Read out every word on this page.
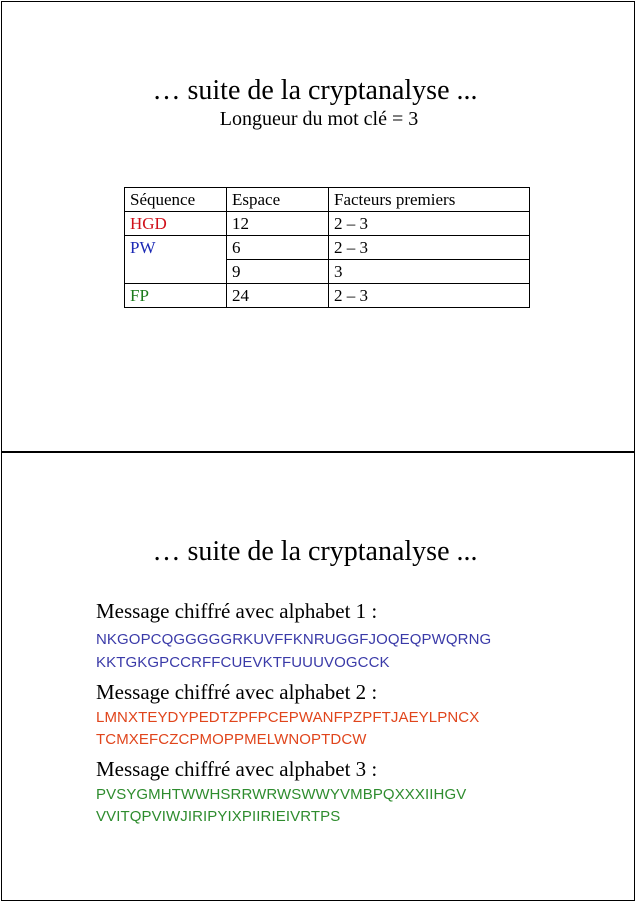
… suite de la cryptanalyse ...
Longueur du mot clé = 3
Séquence	Espace	Facteurs premiers
HGD	12	2 – 3
PW	6	2 – 3
	9	3
FP	24	2 – 3
… suite de la cryptanalyse ...
Message chiffré avec alphabet 1 :
NKGOPCQGGGGGRKUVFFKNRUGGFJOQEQPWQRNG
KKTGKGPCCRFFCUEVKTFUUUVOGCCK
Message chiffré avec alphabet 2 :
LMNXTEYDYPEDTZPFPCEPWANFPZPFTJAEYLPNCX
TCMXEFCZCPMOPPMELWNOPTDCW
Message chiffré avec alphabet 3 :
PVSYGMHTWWHSRRWRWSWWYVMBPQXXXIIHGV
VVITQPVIWJIRIPYIXPIIRIEIVRTPS
